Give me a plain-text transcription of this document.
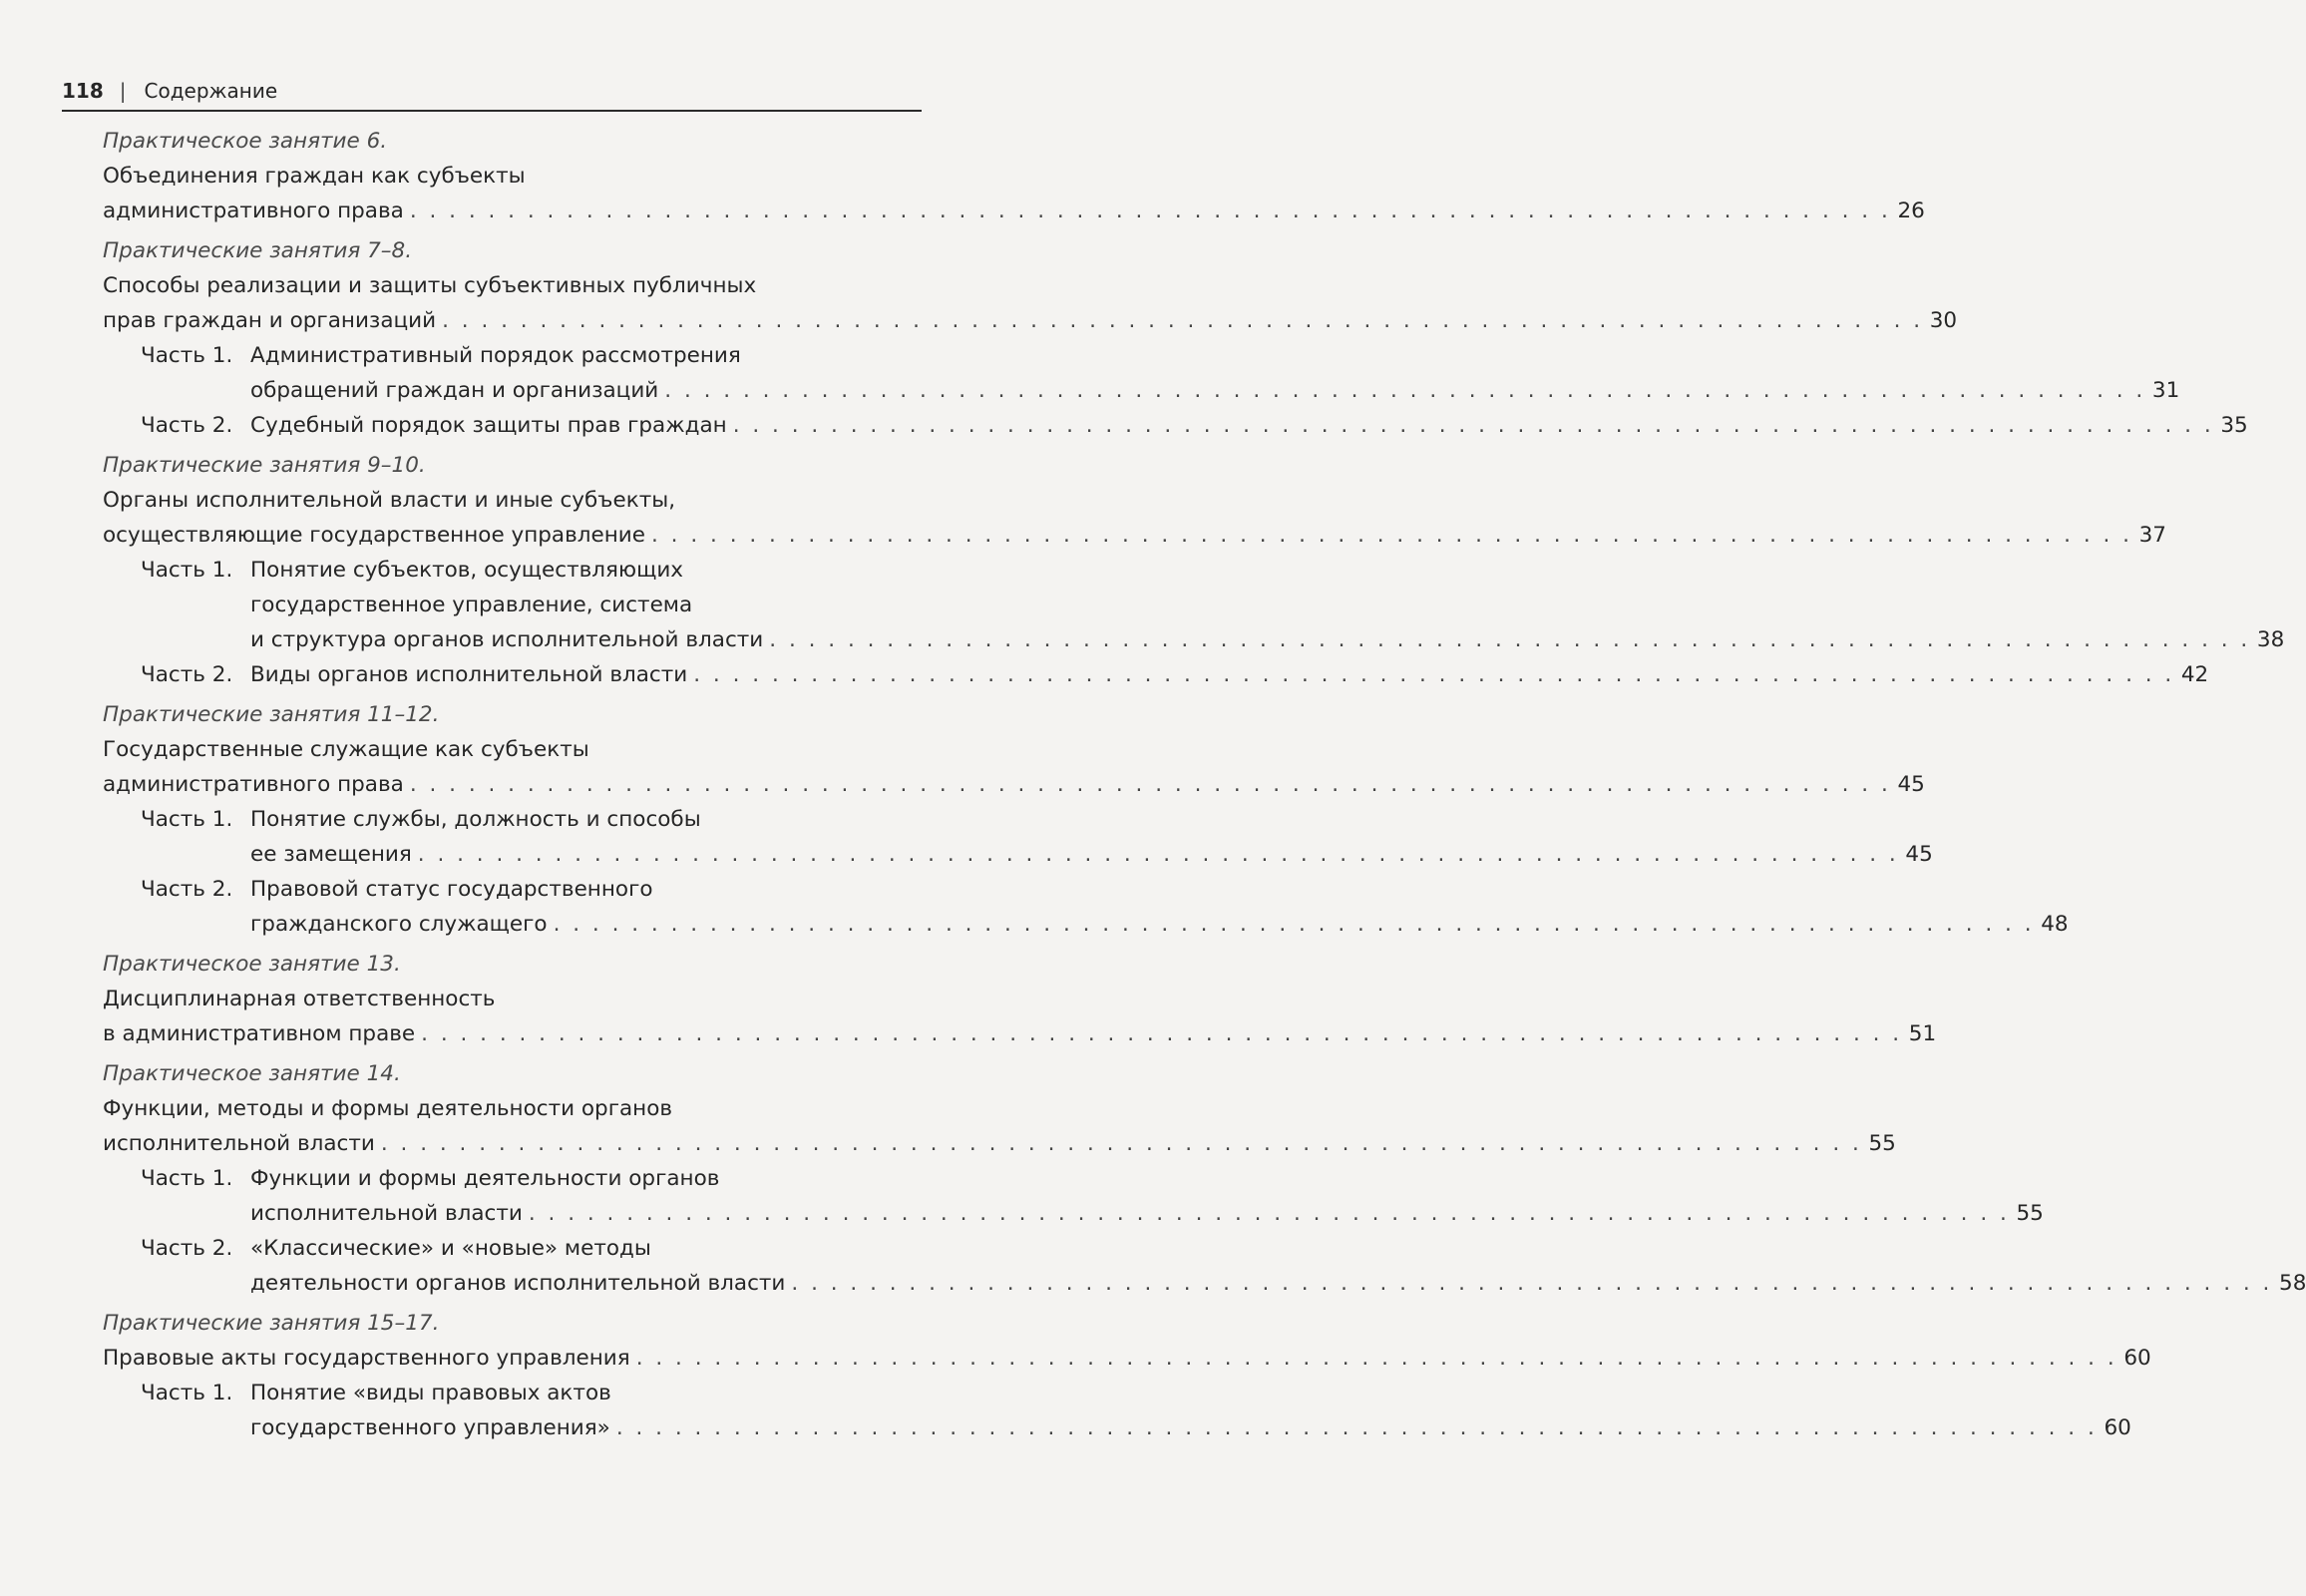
118 | Содержание
Практическое занятие 6.
Объединения граждан как субъекты
административного права . . .	26
Практические занятия 7–8.
Способы реализации и защиты субъективных публичных
прав граждан и организаций . . .	30
Часть 1. Административный порядок рассмотрения
обращений граждан и организаций . . .	31
Часть 2. Судебный порядок защиты прав граждан . . .	35
Практические занятия 9–10.
Органы исполнительной власти и иные субъекты,
осуществляющие государственное управление . . .	37
Часть 1. Понятие субъектов, осуществляющих
государственное управление, система
и структура органов исполнительной власти . . .	38
Часть 2. Виды органов исполнительной власти . . .	42
Практические занятия 11–12.
Государственные служащие как субъекты
административного права . . .	45
Часть 1. Понятие службы, должность и способы
ее замещения . . .	45
Часть 2. Правовой статус государственного
гражданского служащего . . .	48
Практическое занятие 13.
Дисциплинарная ответственность
в административном праве . . .	51
Практическое занятие 14.
Функции, методы и формы деятельности органов
исполнительной власти . . .	55
Часть 1. Функции и формы деятельности органов
исполнительной власти . . .	55
Часть 2. «Классические» и «новые» методы
деятельности органов исполнительной власти . . .	58
Практические занятия 15–17.
Правовые акты государственного управления . . .	60
Часть 1. Понятие «виды правовых актов
государственного управления» . . .	60
